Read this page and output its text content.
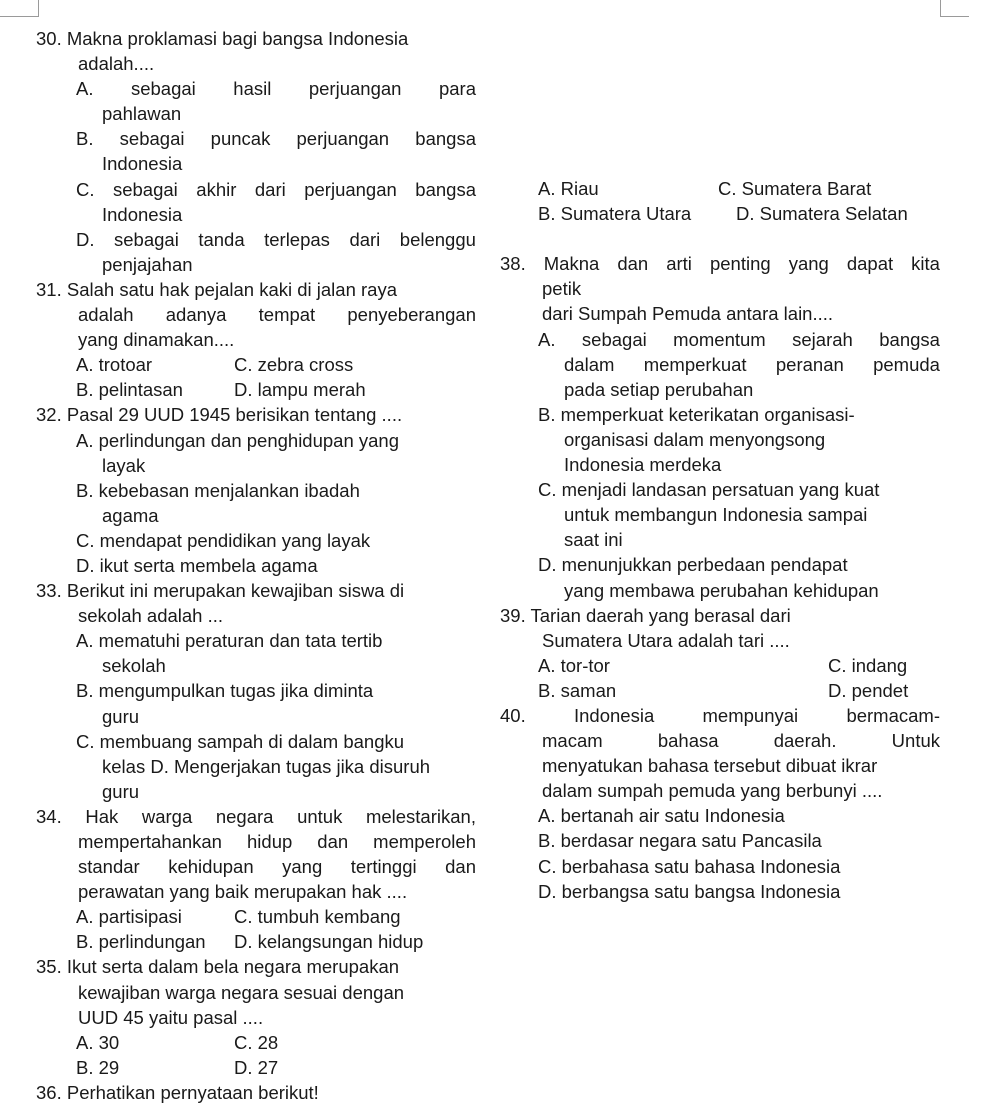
30. Makna proklamasi bagi bangsa Indonesia
adalah....
A. sebagai hasil perjuangan para
pahlawan
B. sebagai puncak perjuangan bangsa
Indonesia
C. sebagai akhir dari perjuangan bangsa
Indonesia
D. sebagai tanda terlepas dari belenggu
penjajahan
31. Salah satu hak pejalan kaki di jalan raya
adalah adanya tempat penyeberangan
yang dinamakan....
A. trotoar	C. zebra cross
B. pelintasan	D. lampu merah
32. Pasal 29 UUD 1945 berisikan tentang ....
A. perlindungan dan penghidupan yang
layak
B. kebebasan menjalankan ibadah
agama
C. mendapat pendidikan yang layak
D. ikut serta membela agama
33. Berikut ini merupakan kewajiban siswa di
sekolah adalah ...
A. mematuhi peraturan dan tata tertib
sekolah
B. mengumpulkan tugas jika diminta
guru
C. membuang sampah di dalam bangku
kelas D. Mengerjakan tugas jika disuruh
guru
34. Hak warga negara untuk melestarikan,
mempertahankan hidup dan memperoleh
standar kehidupan yang tertinggi dan
perawatan yang baik merupakan hak ....
A. partisipasi	C. tumbuh kembang
B. perlindungan D. kelangsungan hidup
35. Ikut serta dalam bela negara merupakan
kewajiban warga negara sesuai dengan
UUD 45 yaitu pasal ....
A. 30	C. 28
B. 29	D. 27
36. Perhatikan pernyataan berikut!
A. Riau	C. Sumatera Barat
B. Sumatera Utara D. Sumatera Selatan
38. Makna dan arti penting yang dapat kita
petik
dari Sumpah Pemuda antara lain....
A. sebagai momentum sejarah bangsa
dalam memperkuat peranan pemuda
pada setiap perubahan
B. memperkuat keterikatan organisasi-
organisasi dalam menyongsong
Indonesia merdeka
C. menjadi landasan persatuan yang kuat
untuk membangun Indonesia sampai
saat ini
D. menunjukkan perbedaan pendapat
yang membawa perubahan kehidupan
39. Tarian daerah yang berasal dari
Sumatera Utara adalah tari ....
A. tor-tor	C. indang
B. saman	D. pendet
40.	Indonesia	mempunyai	bermacam-
macam	bahasa	daerah.	Untuk
menyatukan bahasa tersebut dibuat ikrar
dalam sumpah pemuda yang berbunyi ....
A. bertanah air satu Indonesia
B. berdasar negara satu Pancasila
C. berbahasa satu bahasa Indonesia
D. berbangsa satu bangsa Indonesia
